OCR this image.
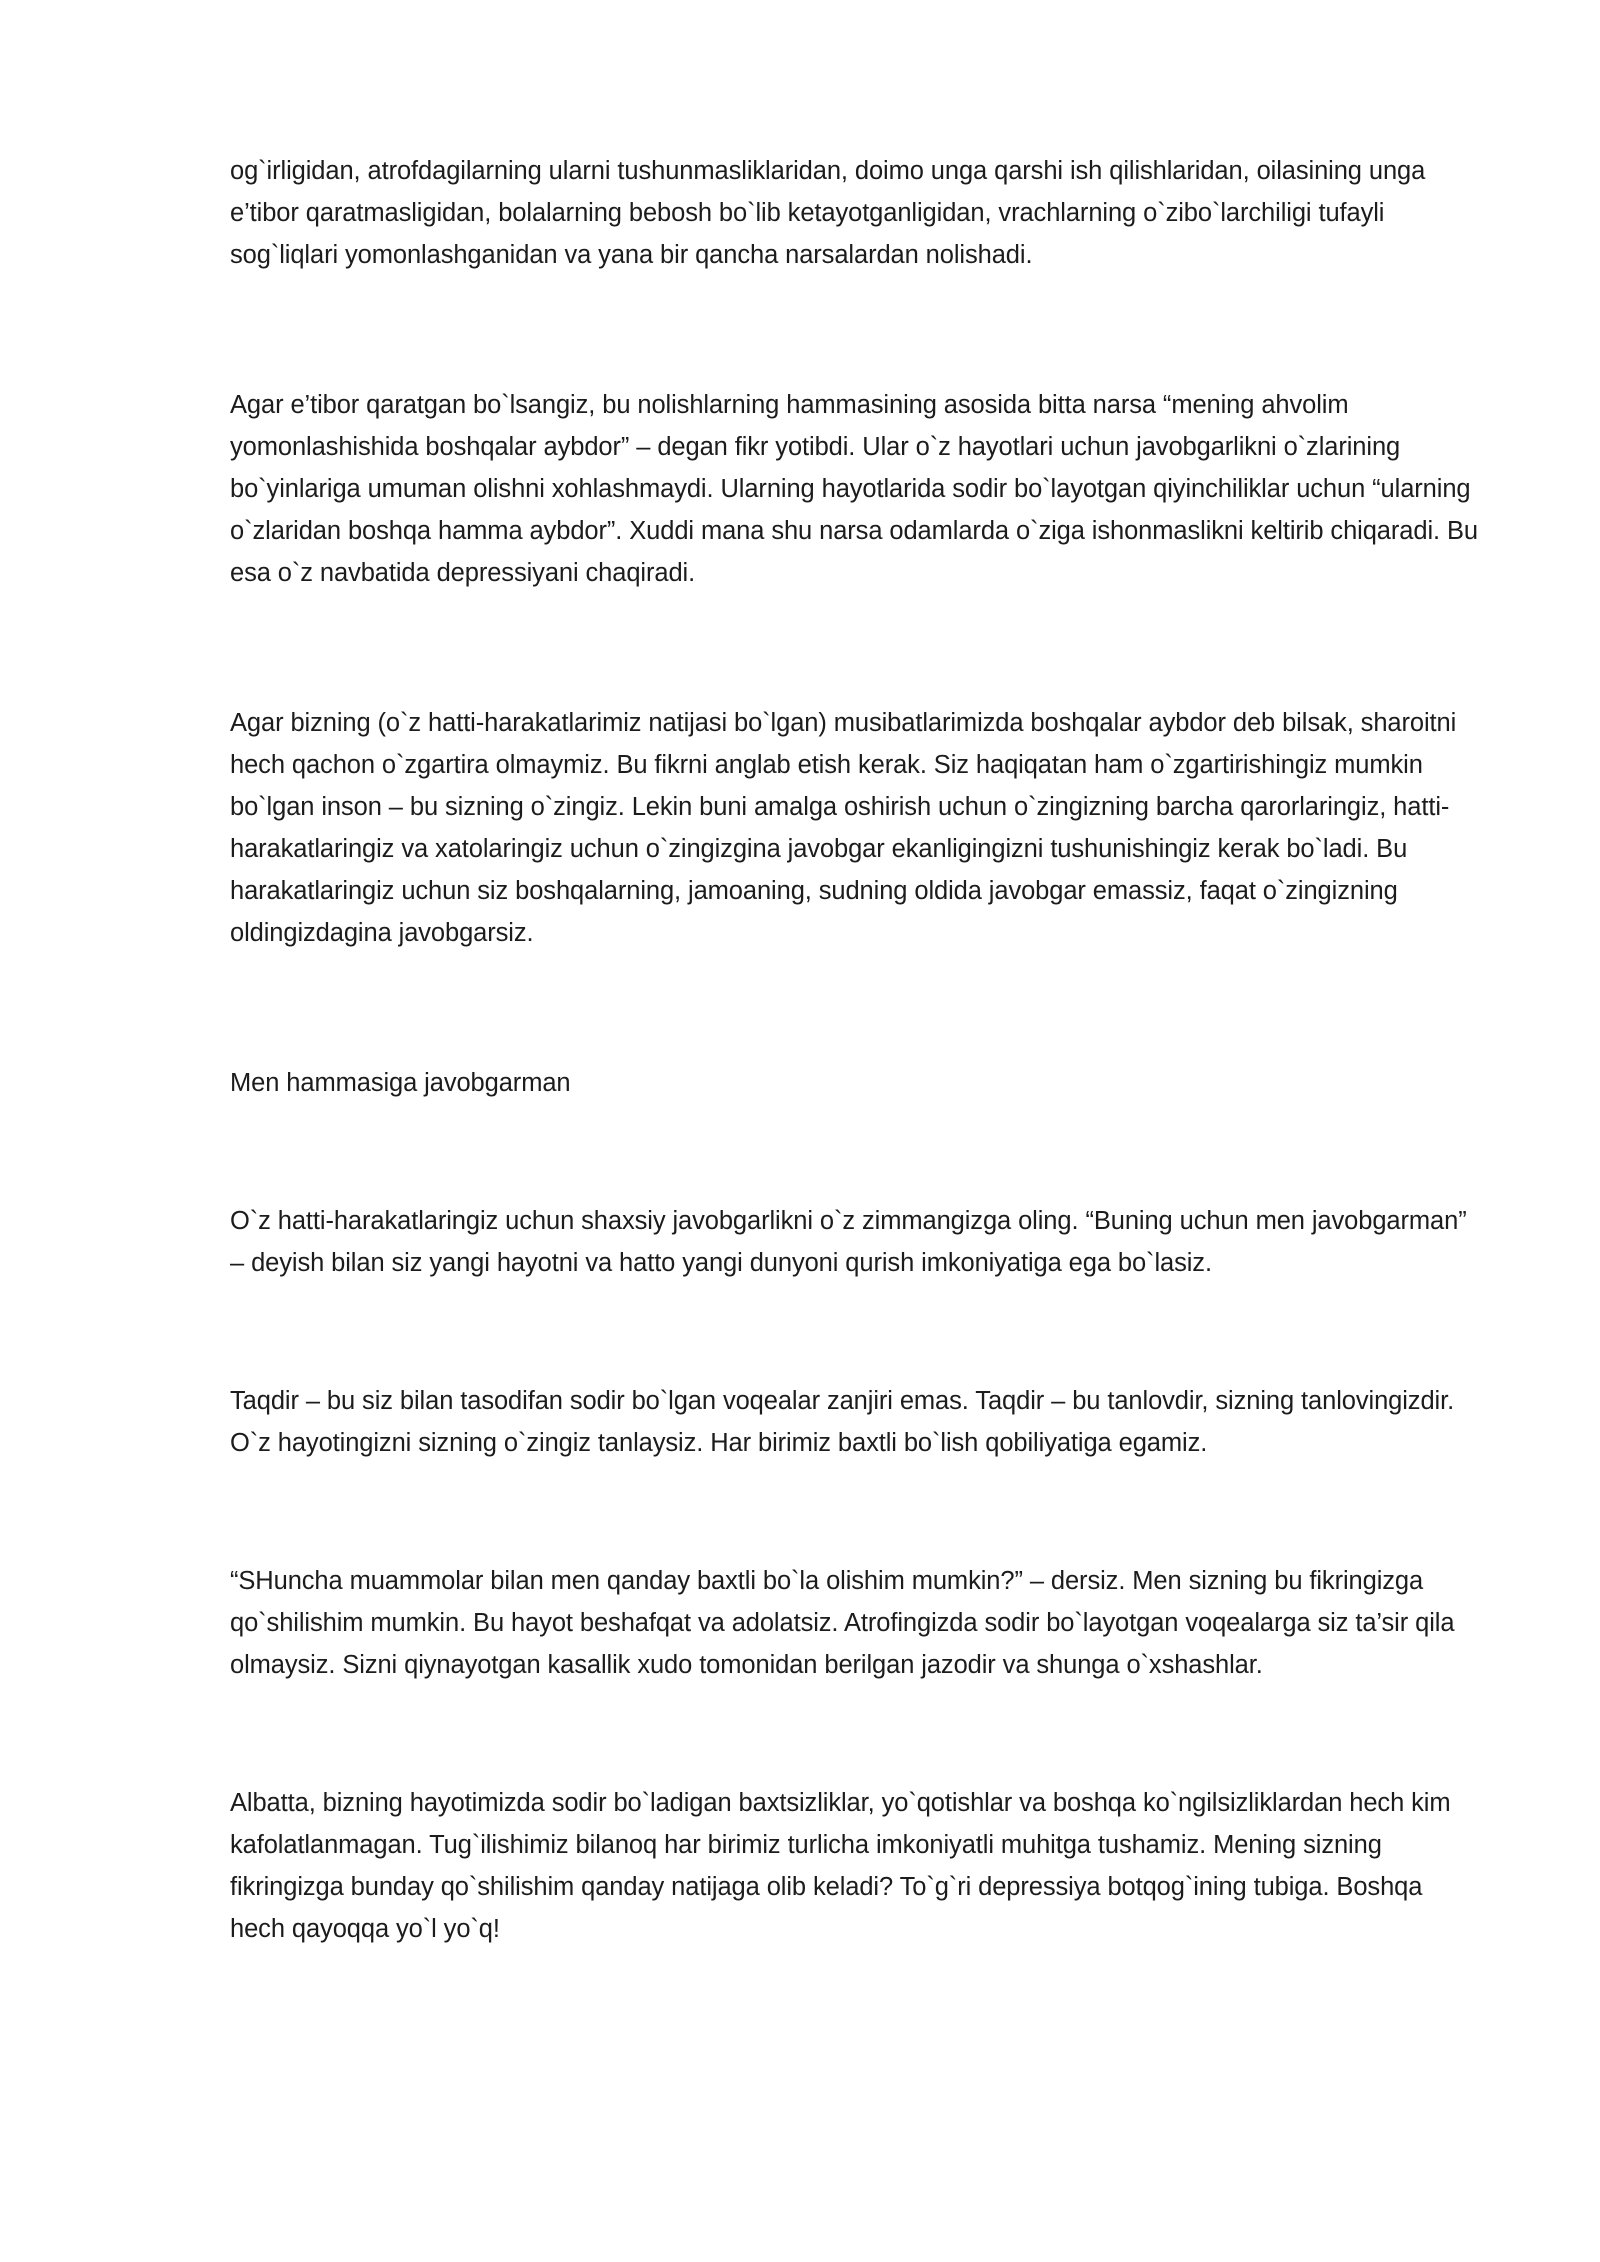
og`irligidan, atrofdagilarning ularni tushunmasliklaridan, doimo unga qarshi ish qilishlaridan, oilasining unga e’tibor qaratmasligidan, bolalarning bebosh bo`lib ketayotganligidan, vrachlarning o`zibo`larchiligi tufayli sog`liqlari yomonlashganidan va yana bir qancha narsalardan nolishadi.

Agar e’tibor qaratgan bo`lsangiz, bu nolishlarning hammasining asosida bitta narsa “mening ahvolim yomonlashishida boshqalar aybdor” – degan fikr yotibdi. Ular o`z hayotlari uchun javobgarlikni o`zlarining bo`yinlariga umuman olishni xohlashmaydi. Ularning hayotlarida sodir bo`layotgan qiyinchiliklar uchun “ularning o`zlaridan boshqa hamma aybdor”. Xuddi mana shu narsa odamlarda o`ziga ishonmaslikni keltirib chiqaradi. Bu esa o`z navbatida depressiyani chaqiradi.

Agar bizning (o`z hatti-harakatlarimiz natijasi bo`lgan) musibatlarimizda boshqalar aybdor deb bilsak, sharoitni hech qachon o`zgartira olmaymiz. Bu fikrni anglab etish kerak. Siz haqiqatan ham o`zgartirishingiz mumkin bo`lgan inson – bu sizning o`zingiz. Lekin buni amalga oshirish uchun o`zingizning barcha qarorlaringiz, hatti-harakatlaringiz va xatolaringiz uchun o`zingizgina javobgar ekanligingizni tushunishingiz kerak bo`ladi. Bu harakatlaringiz uchun siz boshqalarning, jamoaning, sudning oldida javobgar emassiz, faqat o`zingizning oldingizdagina javobgarsiz.

Men hammasiga javobgarman

O`z hatti-harakatlaringiz uchun shaxsiy javobgarlikni o`z zimmangizga oling. “Buning uchun men javobgarman” – deyish bilan siz yangi hayotni va hatto yangi dunyoni qurish imkoniyatiga ega bo`lasiz.

Taqdir – bu siz bilan tasodifan sodir bo`lgan voqealar zanjiri emas. Taqdir – bu tanlovdir, sizning tanlovingizdir. O`z hayotingizni sizning o`zingiz tanlaysiz. Har birimiz baxtli bo`lish qobiliyatiga egamiz.

“SHuncha muammolar bilan men qanday baxtli bo`la olishim mumkin?” – dersiz. Men sizning bu fikringizga qo`shilishim mumkin. Bu hayot beshafqat va adolatsiz. Atrofingizda sodir bo`layotgan voqealarga siz ta’sir qila olmaysiz. Sizni qiynayotgan kasallik xudo tomonidan berilgan jazodir va shunga o`xshashlar.

Albatta, bizning hayotimizda sodir bo`ladigan baxtsizliklar, yo`qotishlar va boshqa ko`ngilsizliklardan hech kim kafolatlanmagan. Tug`ilishimiz bilanoq har birimiz turlicha imkoniyatli muhitga tushamiz. Mening sizning fikringizga bunday qo`shilishim qanday natijaga olib keladi? To`g`ri depressiya botqog`ining tubiga. Boshqa hech qayoqqa yo`l yo`q!
